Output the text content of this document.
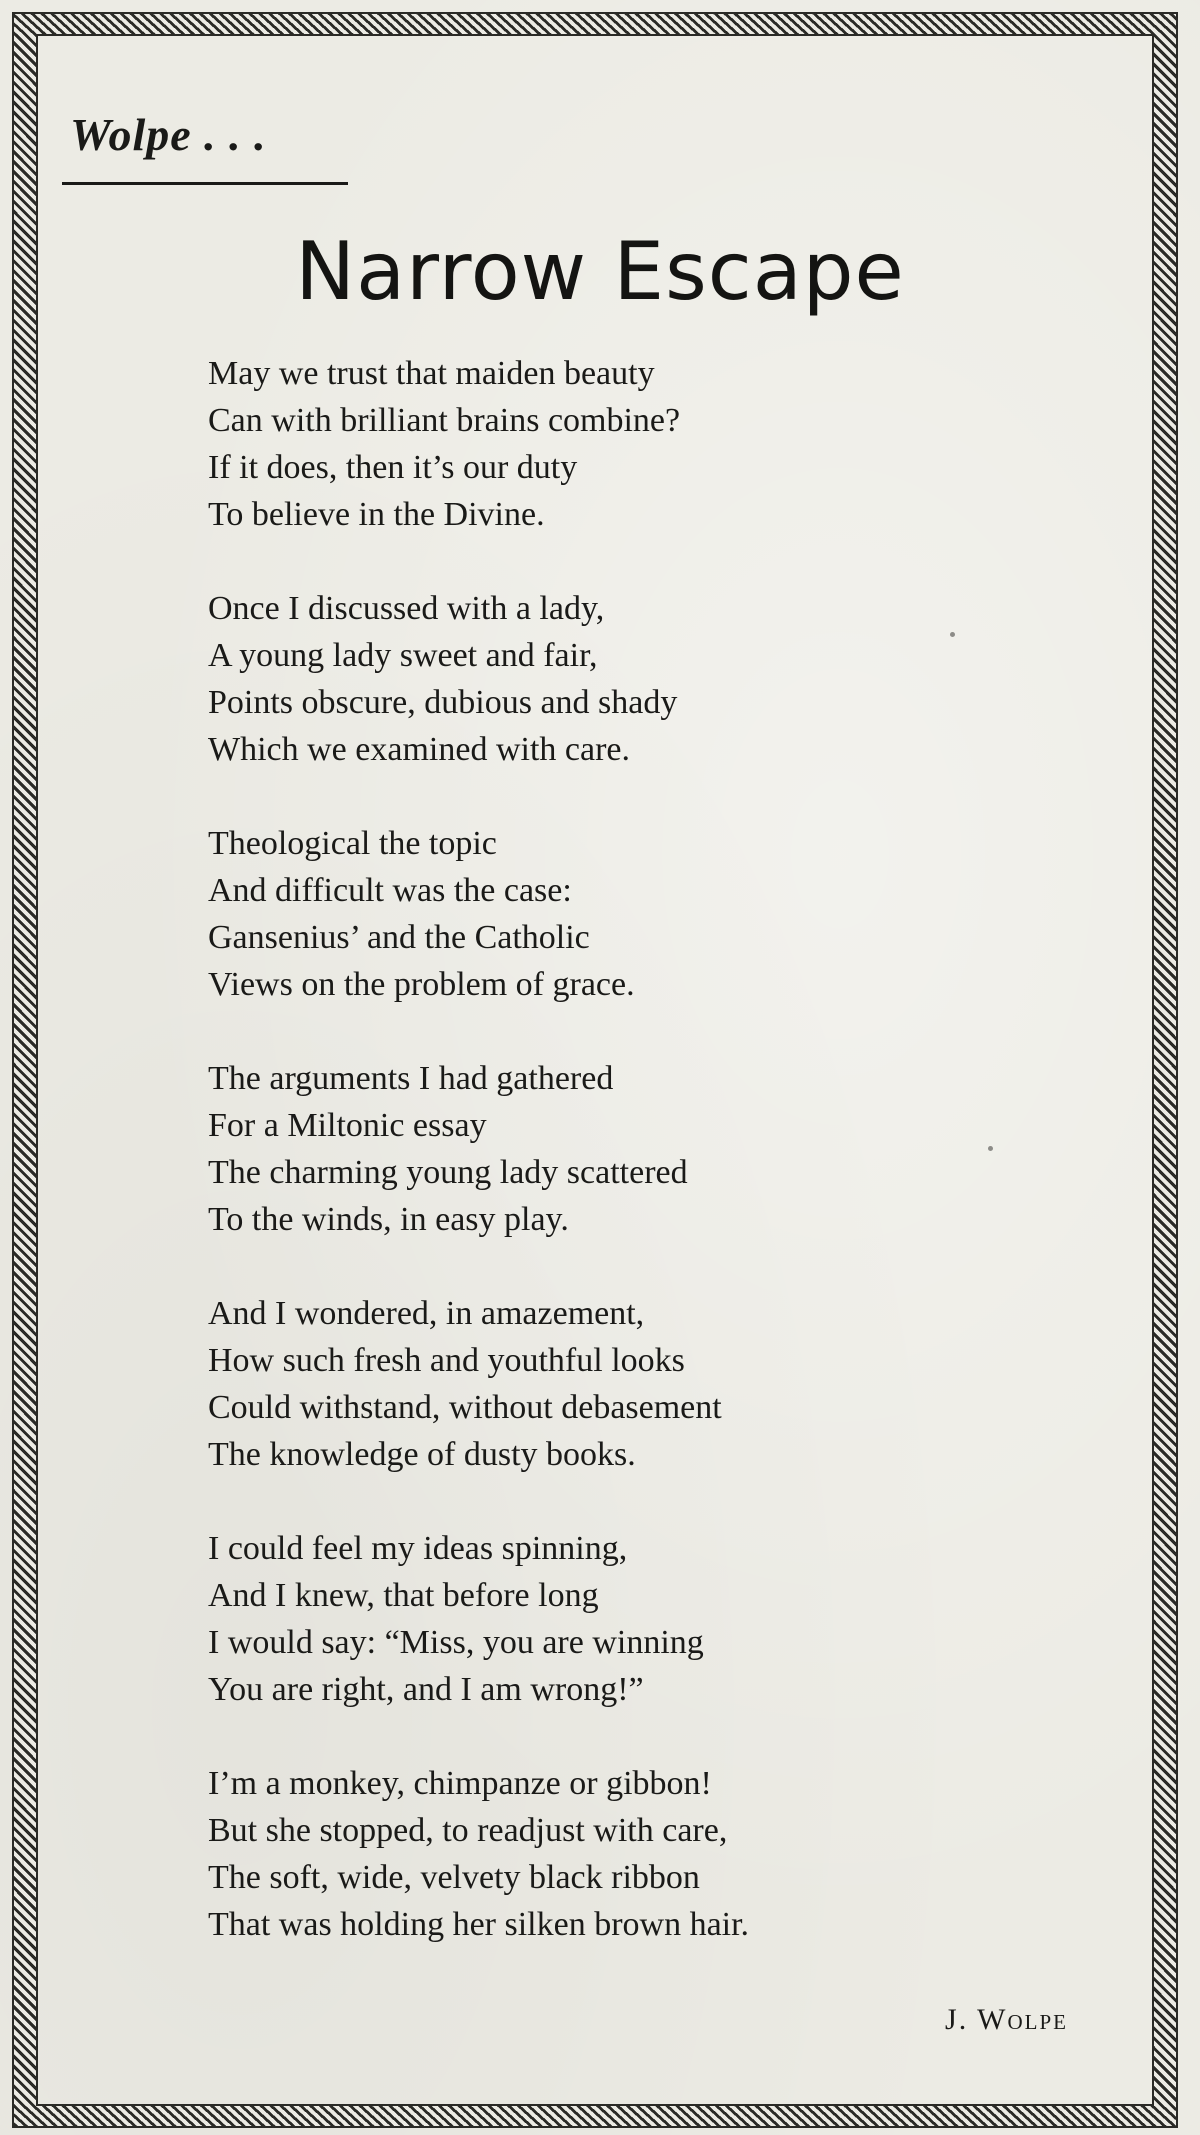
Wolpe . . .
Narrow Escape
May we trust that maiden beauty
Can with brilliant brains combine?
If it does, then it’s our duty
To believe in the Divine.
Once I discussed with a lady,
A young lady sweet and fair,
Points obscure, dubious and shady
Which we examined with care.
Theological the topic
And difficult was the case:
Gansenius’ and the Catholic
Views on the problem of grace.
The arguments I had gathered
For a Miltonic essay
The charming young lady scattered
To the winds, in easy play.
And I wondered, in amazement,
How such fresh and youthful looks
Could withstand, without debasement
The knowledge of dusty books.
I could feel my ideas spinning,
And I knew, that before long
I would say: “Miss, you are winning
You are right, and I am wrong!”
I’m a monkey, chimpanze or gibbon!
But she stopped, to readjust with care,
The soft, wide, velvety black ribbon
That was holding her silken brown hair.
J. Wolpe
